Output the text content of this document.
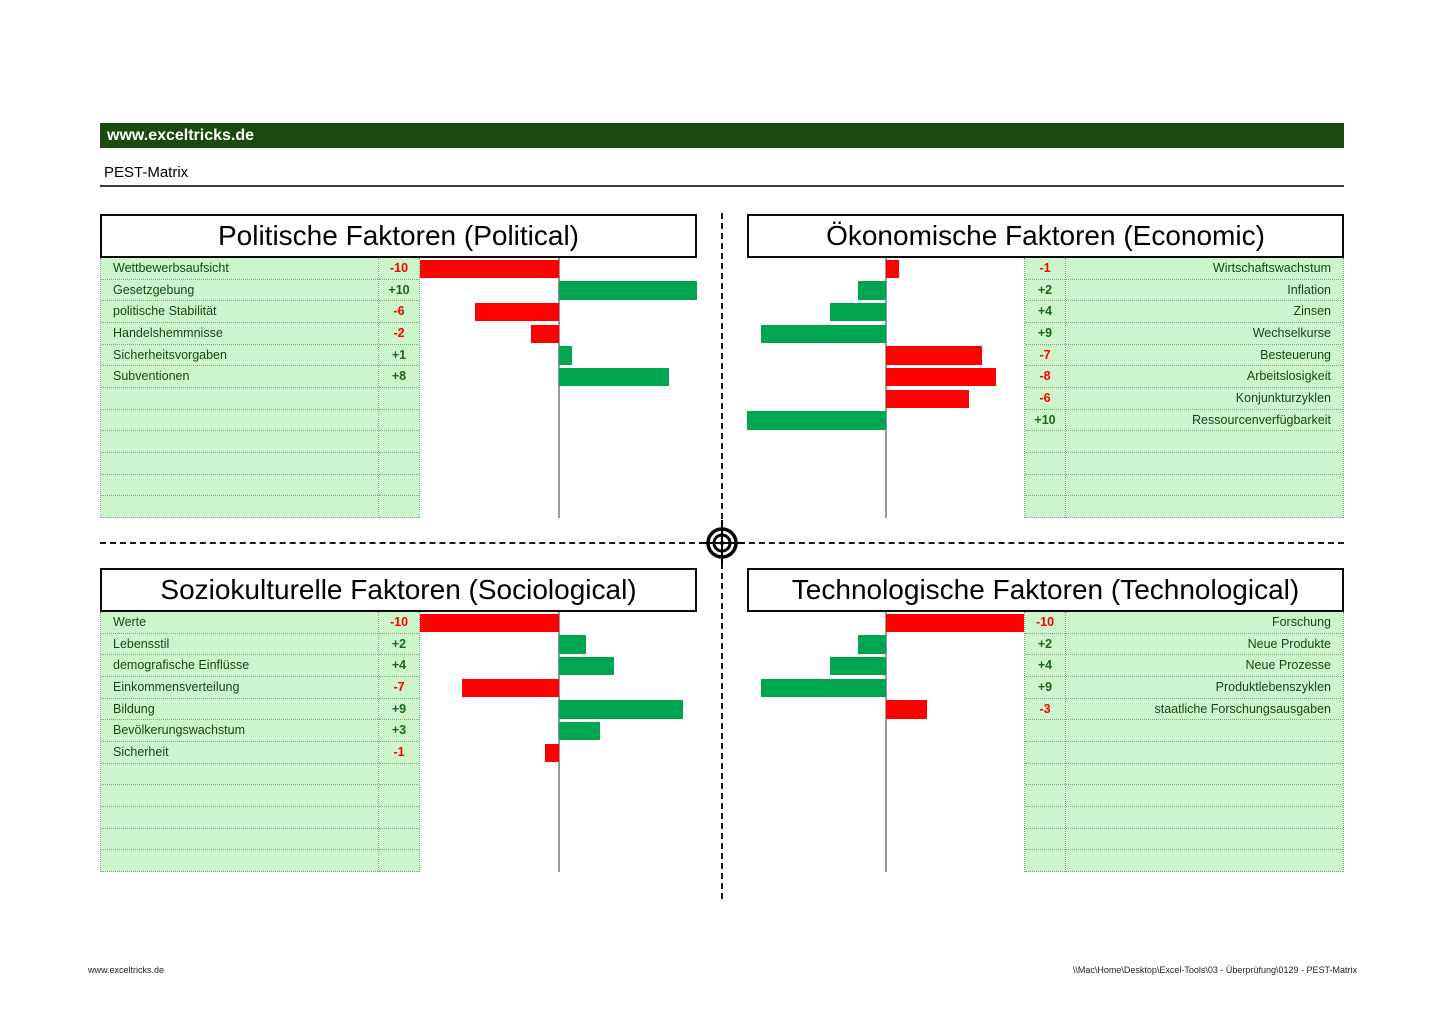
www.exceltricks.de
PEST-Matrix
Politische Faktoren (Political)
Wettbewerbsaufsicht
Gesetzgebung
politische Stabilität
Handelshemmnisse
Sicherheitsvorgaben
Subventionen
-10
+10
-6
-2
+1
+8
Ökonomische Faktoren (Economic)
-1
+2
+4
+9
-7
-8
-6
+10
Wirtschaftswachstum
Inflation
Zinsen
Wechselkurse
Besteuerung
Arbeitslosigkeit
Konjunkturzyklen
Ressourcenverfügbarkeit
Soziokulturelle Faktoren (Sociological)
Werte
Lebensstil
demografische Einflüsse
Einkommensverteilung
Bildung
Bevölkerungswachstum
Sicherheit
-10
+2
+4
-7
+9
+3
-1
Technologische Faktoren (Technological)
-10
+2
+4
+9
-3
Forschung
Neue Produkte
Neue Prozesse
Produktlebenszyklen
staatliche Forschungsausgaben
www.exceltricks.de	\\Mac\Home\Desktop\Excel-Tools\03 - Überprüfung\0129 - PEST-Matrix
